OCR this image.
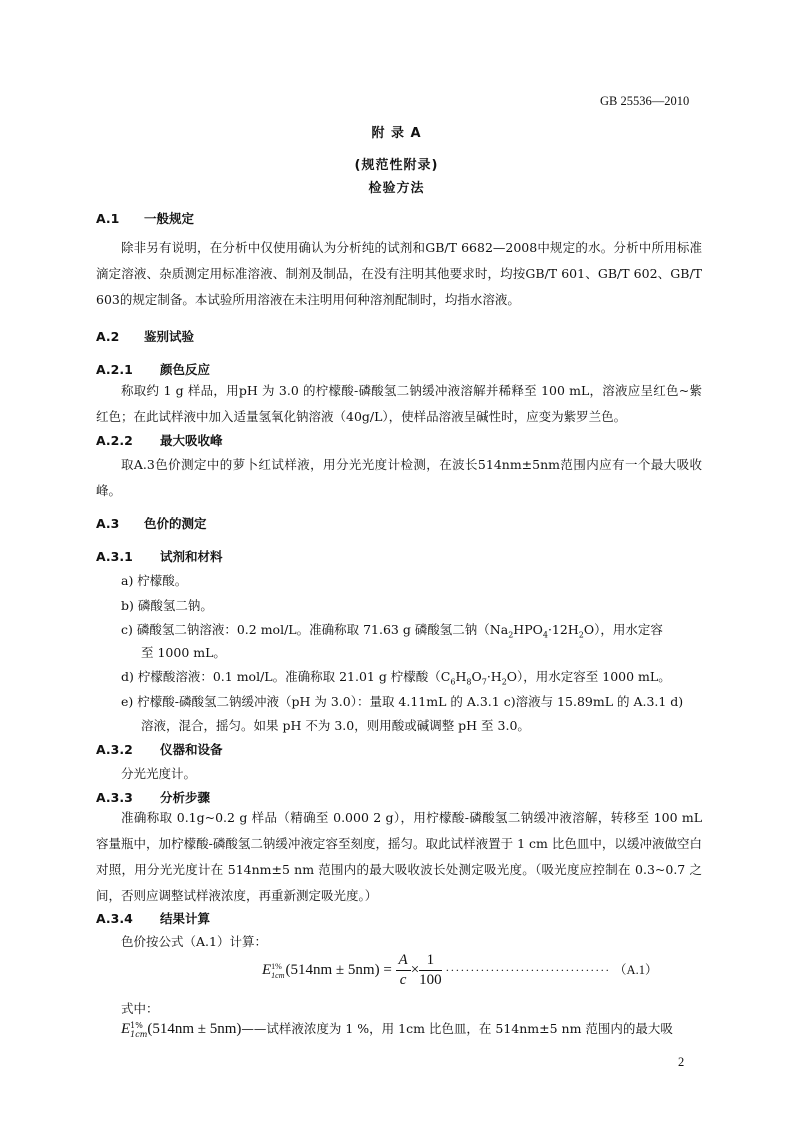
GB 25536—2010
附 录 A
(规范性附录)
检验方法
A.1 一般规定
除非另有说明，在分析中仅使用确认为分析纯的试剂和GB/T 6682—2008中规定的水。分析中所用标准滴定溶液、杂质测定用标准溶液、制剂及制品，在没有注明其他要求时，均按GB/T 601、GB/T 602、GB/T 603的规定制备。本试验所用溶液在未注明用何种溶剂配制时，均指水溶液。
A.2 鉴别试验
A.2.1 颜色反应
称取约 1 g 样品，用pH 为 3.0 的柠檬酸-磷酸氢二钠缓冲液溶解并稀释至 100 mL，溶液应呈红色~紫红色；在此试样液中加入适量氢氧化钠溶液（40g/L），使样品溶液呈碱性时，应变为紫罗兰色。
A.2.2 最大吸收峰
取A.3色价测定中的萝卜红试样液，用分光光度计检测，在波长514nm±5nm范围内应有一个最大吸收峰。
A.3 色价的测定
A.3.1 试剂和材料
a) 柠檬酸。
b) 磷酸氢二钠。
c) 磷酸氢二钠溶液：0.2 mol/L。准确称取 71.63 g 磷酸氢二钠$(Na_2HPO_4\cdot 12H_2O)$，用水定容
至 1000 mL。
d) 柠檬酸溶液：0.1 mol/L。准确称取 21.01 g 柠檬酸$(C_6H_8O_7\cdot H_2O)$，用水定容至 1000 mL。
e) 柠檬酸-磷酸氢二钠缓冲液（pH 为 3.0）：量取 4.11mL 的 A.3.1 c)溶液与 15.89mL 的 A.3.1 d)
溶液，混合，摇匀。如果 pH 不为 3.0，则用酸或碱调整 pH 至 3.0。
A.3.2 仪器和设备
分光光度计。
A.3.3 分析步骤
准确称取 0.1g~0.2 g 样品（精确至 0.000 2 g），用柠檬酸-磷酸氢二钠缓冲液溶解，转移至 100 mL 容量瓶中，加柠檬酸-磷酸氢二钠缓冲液定容至刻度，摇匀。取此试样液置于 1 cm 比色皿中，以缓冲液做空白对照，用分光光度计在 514nm±5 nm 范围内的最大吸收波长处测定吸光度。（吸光度应控制在 0.3~0.7 之间，否则应调整试样液浓度，再重新测定吸光度。）
A.3.4 结果计算
色价按公式（A.1）计算：
E 1%
1cm $(514nm \pm 5nm) = \frac{A}{c} \times \frac{1}{100}$ ································· （A.1）
式中：
E 1%
1cm (514nm ± 5nm)——试样液浓度为 1 %，用 1cm 比色皿，在 514nm±5 nm 范围内的最大吸
2
